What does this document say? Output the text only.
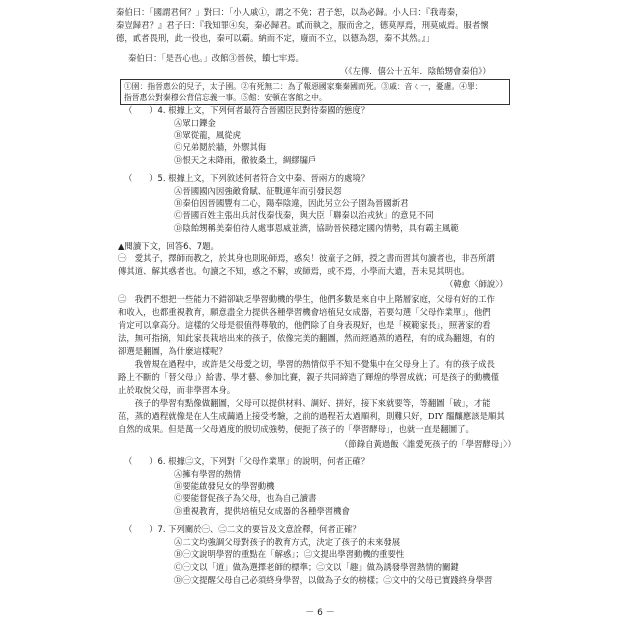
秦伯曰：「國謂君何？」對曰：「小人戚①，謂之不免；君子恕，以為必歸。小人曰：『我毒秦，
秦豈歸君？』君子曰：『我知罪④矣，秦必歸君。貳而執之，服而舍之，德莫厚焉，刑莫威焉。服者懷
德，貳者畏刑，此一役也，秦可以霸。納而不定，廢而不立，以德為怨，秦不其然。』」
秦伯曰：「是吾心也。」改館③晉侯，饋七牢焉。
（《左傳．僖公十五年．陰飴甥會秦伯》）
①圉：指晉惠公的兒子，太子圉。②有死無二：為了報惡國家棄秦國而死。③戚：音ㄑ一，憂慮。④罪：
指晉惠公對秦穆公背信忘義一事。⑤館：安頓在客館之中。
（　　）4. 根據上文，下列何者最符合晉國臣民對待秦國的態度？
Ⓐ眾口鑠金
Ⓑ眾從龍，風從虎
Ⓒ兄弟鬩於牆，外禦其侮
Ⓓ恨天之未降雨，徹彼桑土，綢繆牖戶
（　　）5. 根據上文，下列敘述何者符合文中秦、晉兩方的處境？
Ⓐ晉國國內因強敵脅賦、征戰連年而引發民怨
Ⓑ秦伯因晉國豐有二心，陽奉陰違，因此另立公子圉為晉國新君
Ⓒ晉國百姓主張出兵討伐秦伐秦，與大臣「聯秦以治戎狄」的意見不同
Ⓓ陰飴甥稱美秦伯待人處事恩威並濟，協助晉侯穩定國內情勢，具有霸主風範
▲閱讀下文，回答6、7題。
㊀　愛其子，擇師而教之，於其身也則恥師焉，惑矣！彼童子之師，授之書而習其句讀者也，非吾所謂
傳其道、解其惑者也。句讀之不知，惑之不解，或師焉，或不焉，小學而大遺，吾未見其明也。
（韓愈〈師說〉）
㊁　我們不想把一些能力不錯卻缺乏學習動機的學生，他們多數是來自中上階層家庭，父母有好的工作
和收入，也都重視教育，願意盡全力提供各種學習機會培植兒女成器，若要勾選「父母作業單」，他們
肯定可以拿高分。這樣的父母是很值得尊敬的，他們除了自身表現好，也是「模範家長」，照著家的看
法，無可指摘，知此家長栽培出來的孩子，依像完美的翻圖，然而經過蒸的過程，有的成為翻翅，有的
卻選是翻圖，為什麼這樣呢？
　　我曾規在過程中，或許是父母愛之切，學習的熱情似乎不知不覺集中在父母身上了。有的孩子成長
路上不斷的「替父母」）給書、學才藝、參加比賽，親子共同締造了輝煌的學習成就；可是孩子的動機僅
止於取悅父母，而非學習本身。
　　孩子的學習有點像做翻圖，父母可以提供材料、調好、拼好，接下來就要等，等翻圖「破」，才能
茁，蒸的過程就像是在人生成繭過上接受考驗，之前的過程若太過順利，則難只好，DIY 醞釀應該是順其
自然的成果。但是萬一父母過度的殷切成強勢，便扼了孩子的「學習酵母」，也就一直是翻圖了。
（節錄自黃過飯〈誰愛死孩子的「學習酵母」〉）
（　　）6. 根據㊁文，下列對「父母作業單」的說明，何者正確？
Ⓐ擁有學習的熱情
Ⓑ要能啟發兒女的學習動機
Ⓒ要能督促孩子為父母，也為自己讀書
Ⓓ重視教育，提供培植兒女成器的各種學習機會
（　　）7. 下列關於㊀、㊁二文的要旨及文意詮釋，何者正確？
Ⓐ二文均強調父母對孩子的教育方式，決定了孩子的未來發展
Ⓑ㊀文說明學習的重點在「解惑」；㊁文提出學習動機的重要性
Ⓒ㊀文以「道」做為選擇老師的標準；㊁文以「趣」做為誘發學習熱情的關鍵
Ⓓ㊀文提醒父母自己必須終身學習，以做為子女的榜樣；㊁文中的父母已實踐終身學習
－ 6 －
